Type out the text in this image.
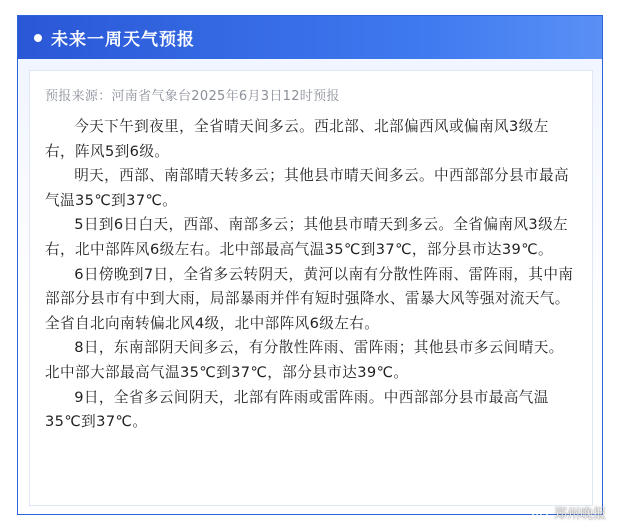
未来一周天气预报
预报来源：河南省气象台2025年6月3日12时预报

今天下午到夜里，全省晴天间多云。西北部、北部偏西风或偏南风3级左右，阵风5到6级。

明天，西部、南部晴天转多云；其他县市晴天间多云。中西部部分县市最高气温35℃到37℃。

5日到6日白天，西部、南部多云；其他县市晴天到多云。全省偏南风3级左右，北中部阵风6级左右。北中部最高气温35℃到37℃，部分县市达39℃。

6日傍晚到7日，全省多云转阴天，黄河以南有分散性阵雨、雷阵雨，其中南部部分县市有中到大雨，局部暴雨并伴有短时强降水、雷暴大风等强对流天气。全省自北向南转偏北风4级，北中部阵风6级左右。

8日，东南部阴天间多云，有分散性阵雨、雷阵雨；其他县市多云间晴天。北中部大部最高气温35℃到37℃，部分县市达39℃。

9日，全省多云间阴天，北部有阵雨或雷阵雨。中西部部分县市最高气温35℃到37℃。

郑州晚报
